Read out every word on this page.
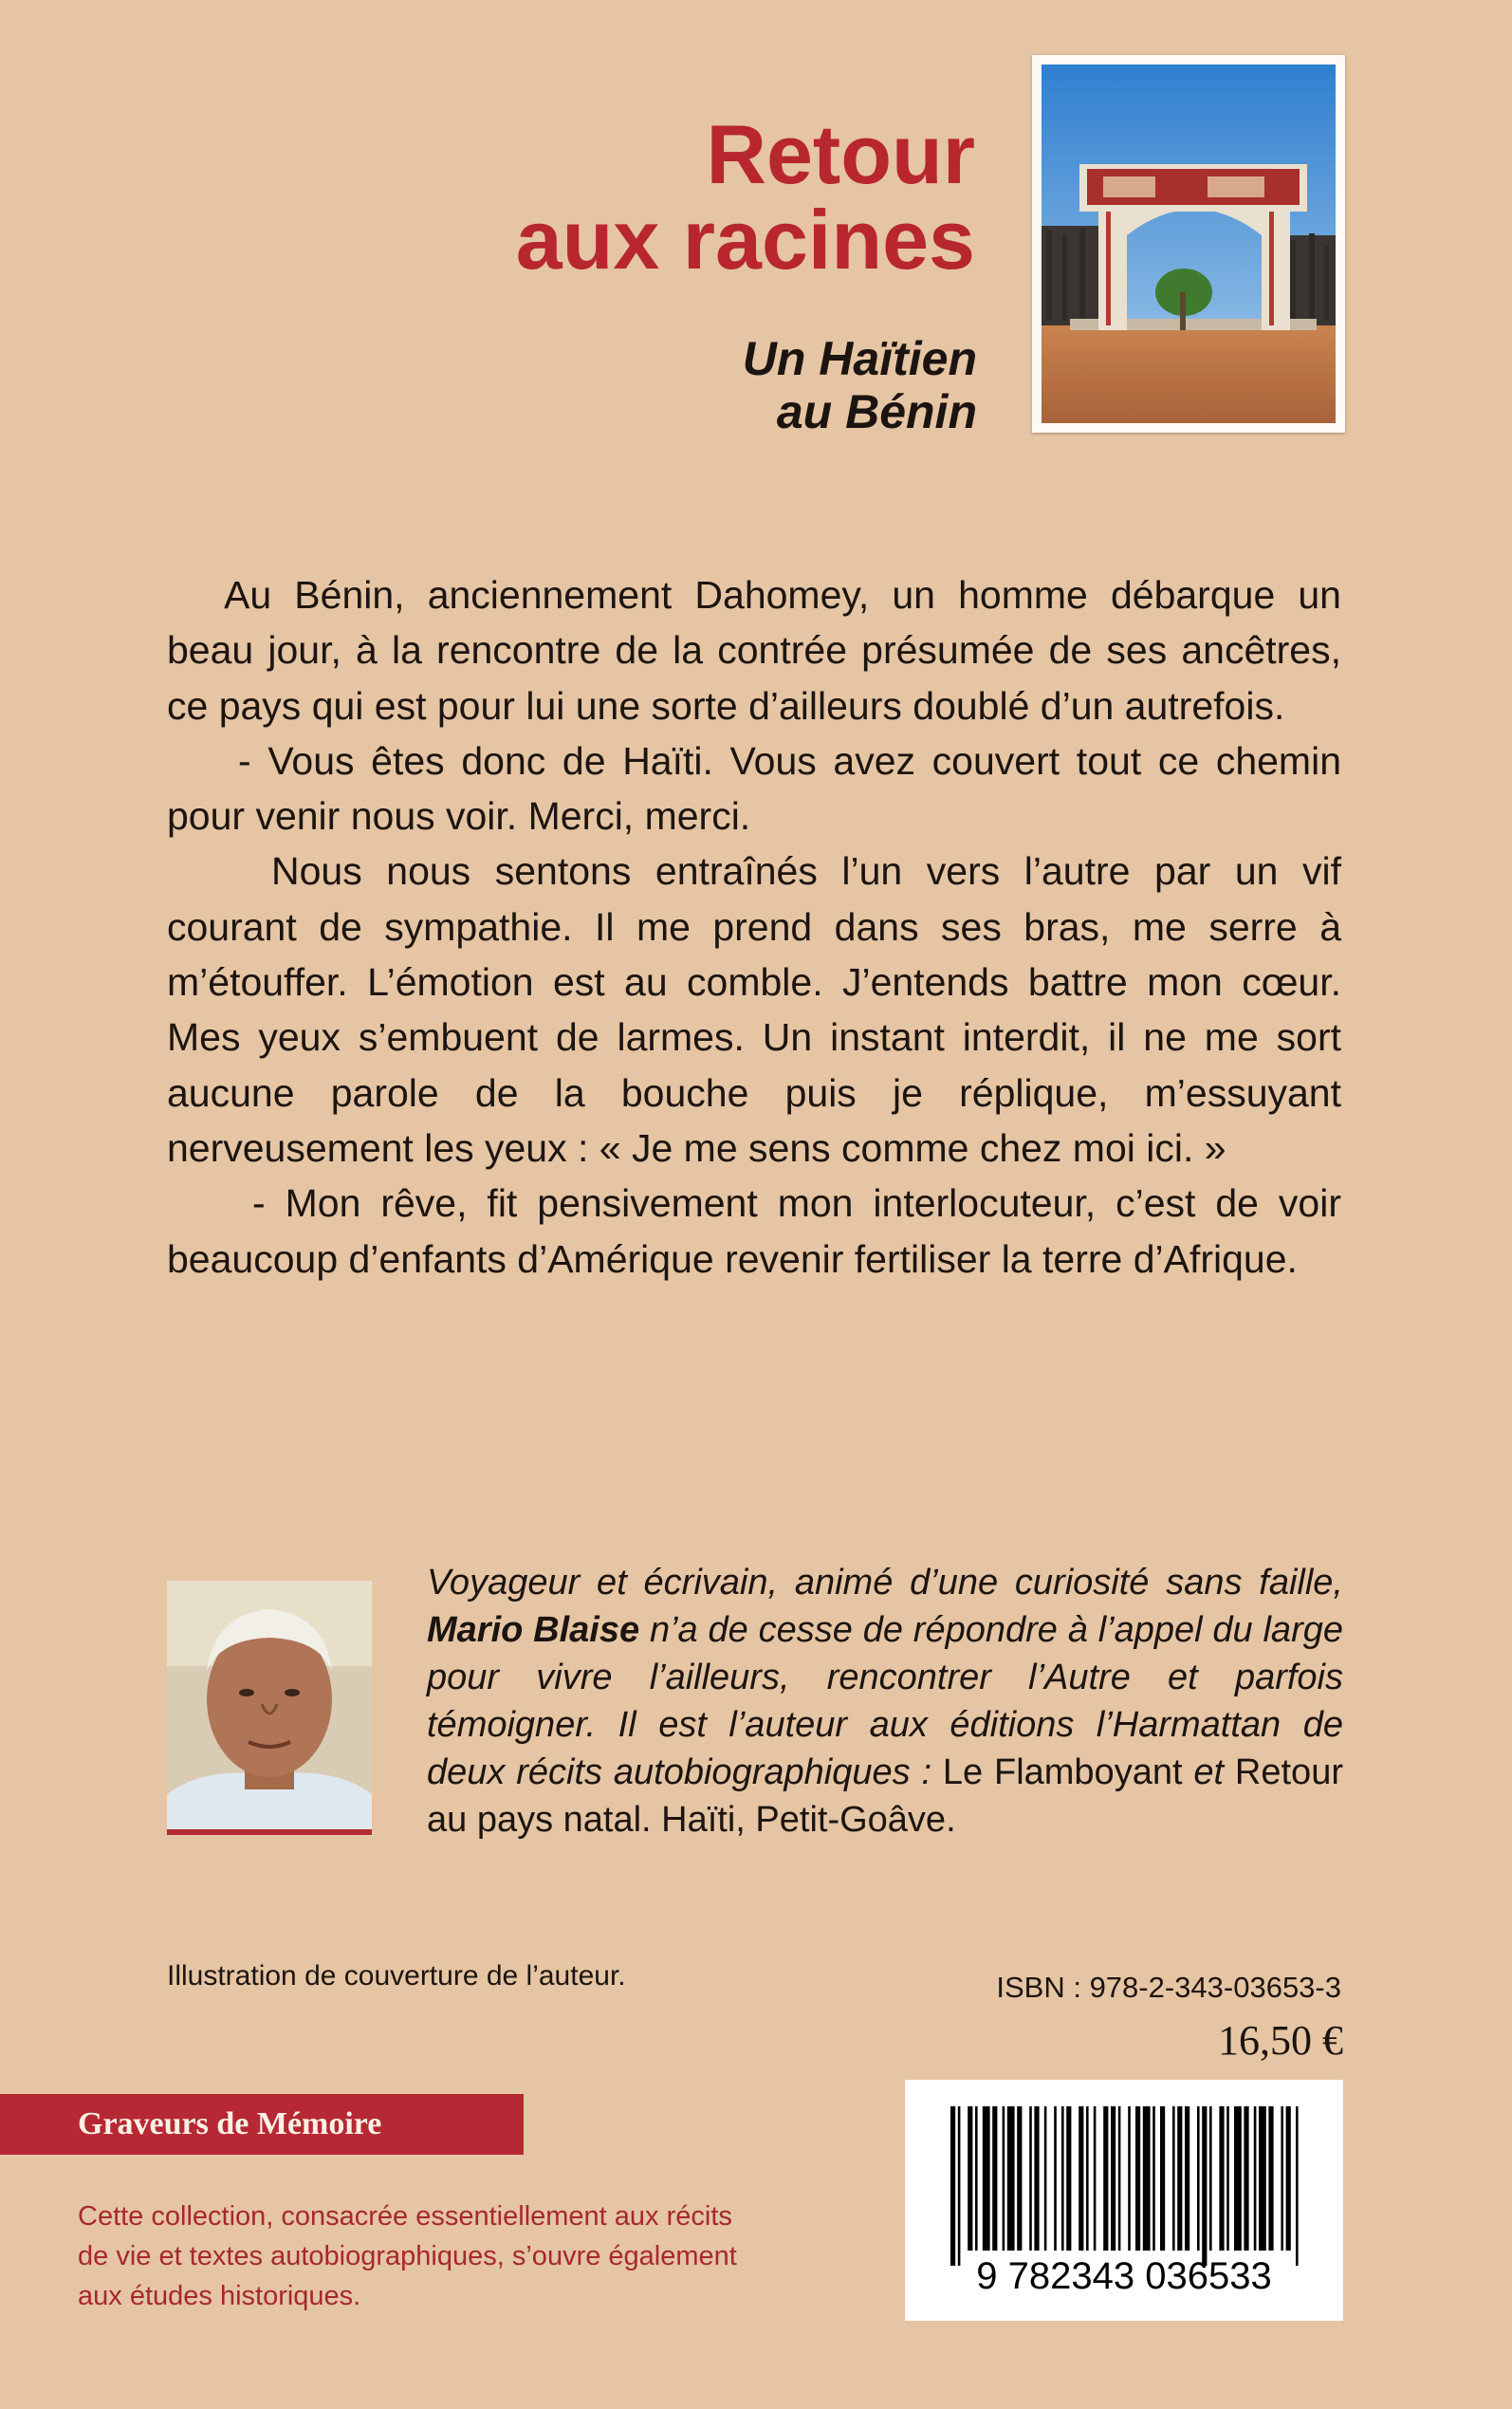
Retour
aux racines
Un Haïtien
au Bénin

Au Bénin, anciennement Dahomey, un homme débarque un beau jour, à la rencontre de la contrée présumée de ses ancêtres, ce pays qui est pour lui une sorte d’ailleurs doublé d’un autrefois.

- Vous êtes donc de Haïti. Vous avez couvert tout ce chemin pour venir nous voir. Merci, merci.

Nous nous sentons entraînés l’un vers l’autre par un vif courant de sympathie. Il me prend dans ses bras, me serre à m’étouffer. L’émotion est au comble. J’entends battre mon cœur. Mes yeux s’embuent de larmes. Un instant interdit, il ne me sort aucune parole de la bouche puis je réplique, m’essuyant nerveusement les yeux : « Je me sens comme chez moi ici. »

- Mon rêve, fit pensivement mon interlocuteur, c’est de voir beaucoup d’enfants d’Amérique revenir fertiliser la terre d’Afrique.

Voyageur et écrivain, animé d’une curiosité sans faille, Mario Blaise n’a de cesse de répondre à l’appel du large pour vivre l’ailleurs, rencontrer l’Autre et parfois témoigner. Il est l’auteur aux éditions l’Harmattan de deux récits autobiographiques : Le Flamboyant et Retour au pays natal. Haïti, Petit-Goâve.
Illustration de couverture de l’auteur.	ISBN : 978-2-343-03653-3
16,50 €
Graveurs de Mémoire
Cette collection, consacrée essentiellement aux récits
de vie et textes autobiographiques, s’ouvre également
aux études historiques.	9 782343 036533
